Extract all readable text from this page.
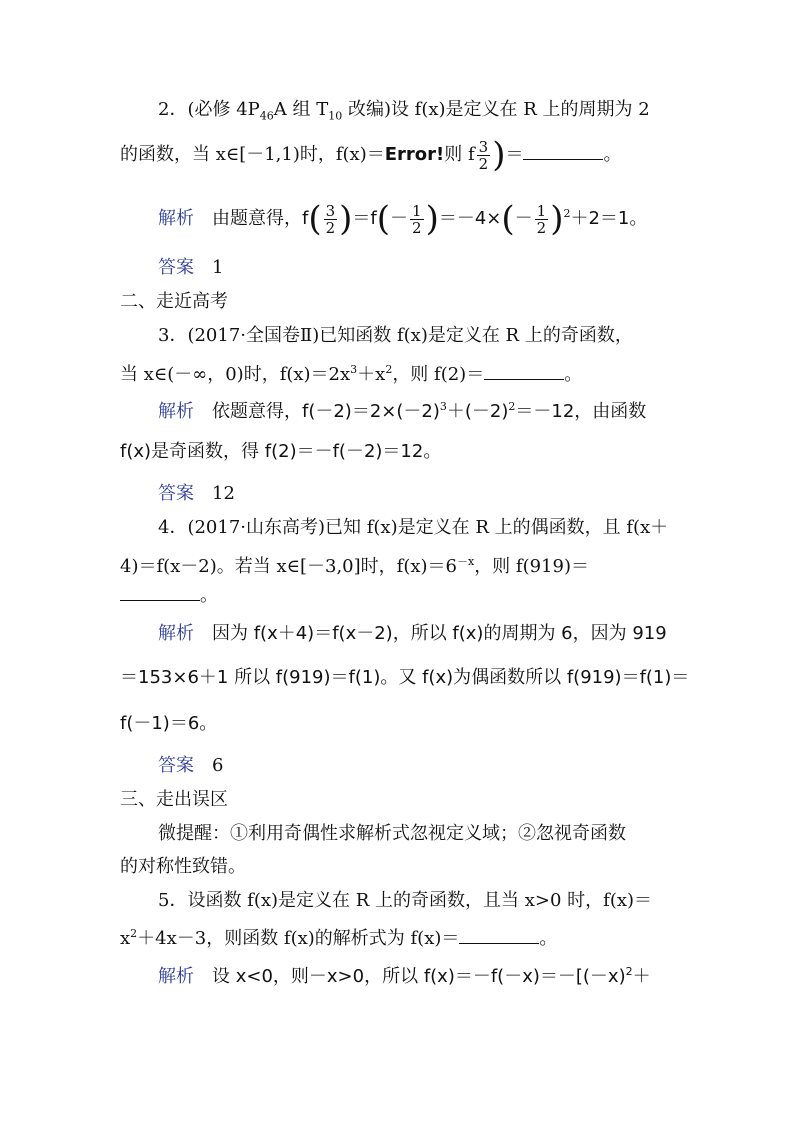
2．(必修 $4P_{46}A$ 组 $T_{10}$ 改编)设 f(x)是定义在 R 上的周期为 2
的函数，当 x∈[－1,1)时，f(x)＝Error!则 f $\frac{3}{2}$ )＝	。
解析 由题意得，$f( \frac{3}{2} )=f(- \frac{1}{2} )=-4\times(- \frac{1}{2} )^2+2=1$。
答案 1
二、走近高考
3．(2017·全国卷Ⅱ)已知函数 f(x)是定义在 R 上的奇函数，
当 x∈(－∞，0)时，$f(x)=2x^3+x^2$，则 f(2)＝	。
解析 依题意得，$f(-2)=2\times(-2)^3+(-2)^2=-12$，由函数
f(x)是奇函数，得 f(2)＝－f(－2)＝12。
答案 12
4．(2017·山东高考)已知 f(x)是定义在 R 上的偶函数，且 f(x＋
4)＝f(x－2)。若当 x∈[－3,0]时，$f(x)=6^{-x}$，则 f(919)＝
。
解析 因为 f(x＋4)＝f(x－2)，所以 f(x)的周期为 6，因为 919
＝153×6＋1 所以 f(919)＝f(1)。又 f(x)为偶函数所以 f(919)＝f(1)＝
f(－1)＝6。
答案 6
三、走出误区
微提醒：①利用奇偶性求解析式忽视定义域；②忽视奇函数
的对称性致错。
5．设函数 f(x)是定义在 R 上的奇函数，且当 x>0 时，f(x)＝
$x^2+4x-3$，则函数 f(x)的解析式为 f(x)＝	。
解析 设 x<0，则－x>0，所以 $f(x)=-f(-x)=-[(-x)^2+$
